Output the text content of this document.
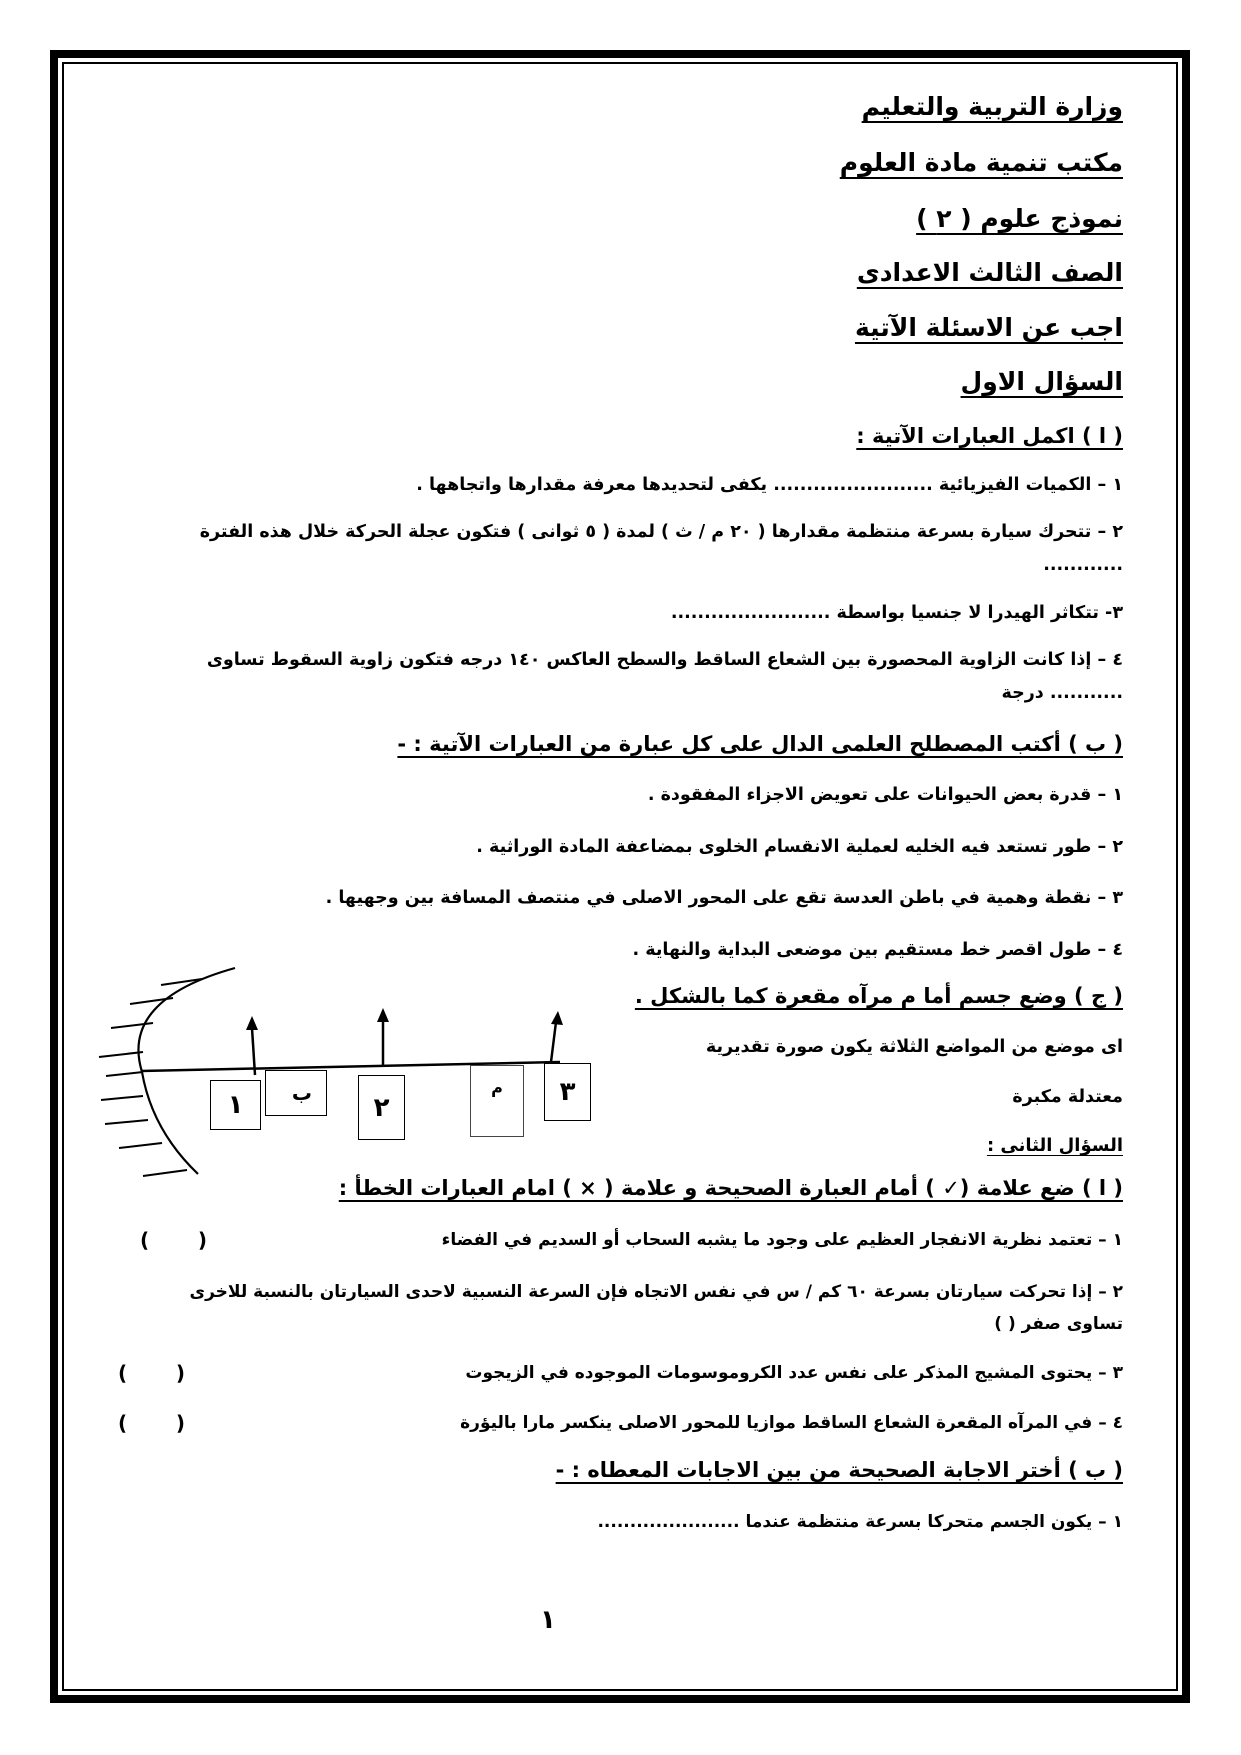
وزارة التربية والتعليم
مكتب تنمية مادة العلوم
نموذج علوم ( ٢ )
الصف الثالث الاعدادى
اجب عن الاسئلة الآتية
السؤال الاول
( ا ) اكمل العبارات الآتية :
١ – الكميات الفيزيائية ........................ يكفى لتحديدها معرفة مقدارها واتجاهها .
٢ – تتحرك سيارة بسرعة منتظمة مقدارها ( ٢٠ م / ث ) لمدة ( ٥ ثوانى ) فتكون عجلة الحركة خلال هذه الفترة
............
٣- تتكاثر الهيدرا لا جنسيا بواسطة ........................
٤ – إذا كانت الزاوية المحصورة بين الشعاع الساقط والسطح العاكس ١٤٠ درجه فتكون زاوية السقوط تساوى
........... درجة
( ب ) أكتب المصطلح العلمى الدال على كل عبارة من العبارات الآتية : -
١ – قدرة بعض الحيوانات على تعويض الاجزاء المفقودة .
٢ – طور تستعد فيه الخليه لعملية الانقسام الخلوى بمضاعفة المادة الوراثية .
٣ – نقطة وهمية في باطن العدسة تقع على المحور الاصلى في منتصف المسافة بين وجهيها .
٤ – طول اقصر خط مستقيم بين موضعى البداية والنهاية .
( ج ) وضع جسم أما م مرآه مقعرة كما بالشكل .
اى موضع من المواضع الثلاثة يكون صورة تقديرية
معتدلة مكبرة
١	ب	٢
م	٣
السؤال الثانى :
( ا ) ضع علامة (✓ ) أمام العبارة الصحيحة و علامة ( × ) امام العبارات الخطأ :
١ – تعتمد نظرية الانفجار العظيم على وجود ما يشبه السحاب أو السديم في الفضاء
(       )
٢ – إذا تحركت سيارتان بسرعة ٦٠ كم / س في نفس الاتجاه فإن السرعة النسبية لاحدى السيارتان بالنسبة للاخرى
تساوى صفر ( )
٣ – يحتوى المشيج المذكر على نفس عدد الكروموسومات الموجوده في الزيجوت
(       )
٤ – في المرآه المقعرة الشعاع الساقط موازيا للمحور الاصلى ينكسر مارا باليؤرة
(       )
( ب ) أختر الاجابة الصحيحة من بين الاجابات المعطاه : -
١ – يكون الجسم متحركا بسرعة منتظمة عندما ......................
١
